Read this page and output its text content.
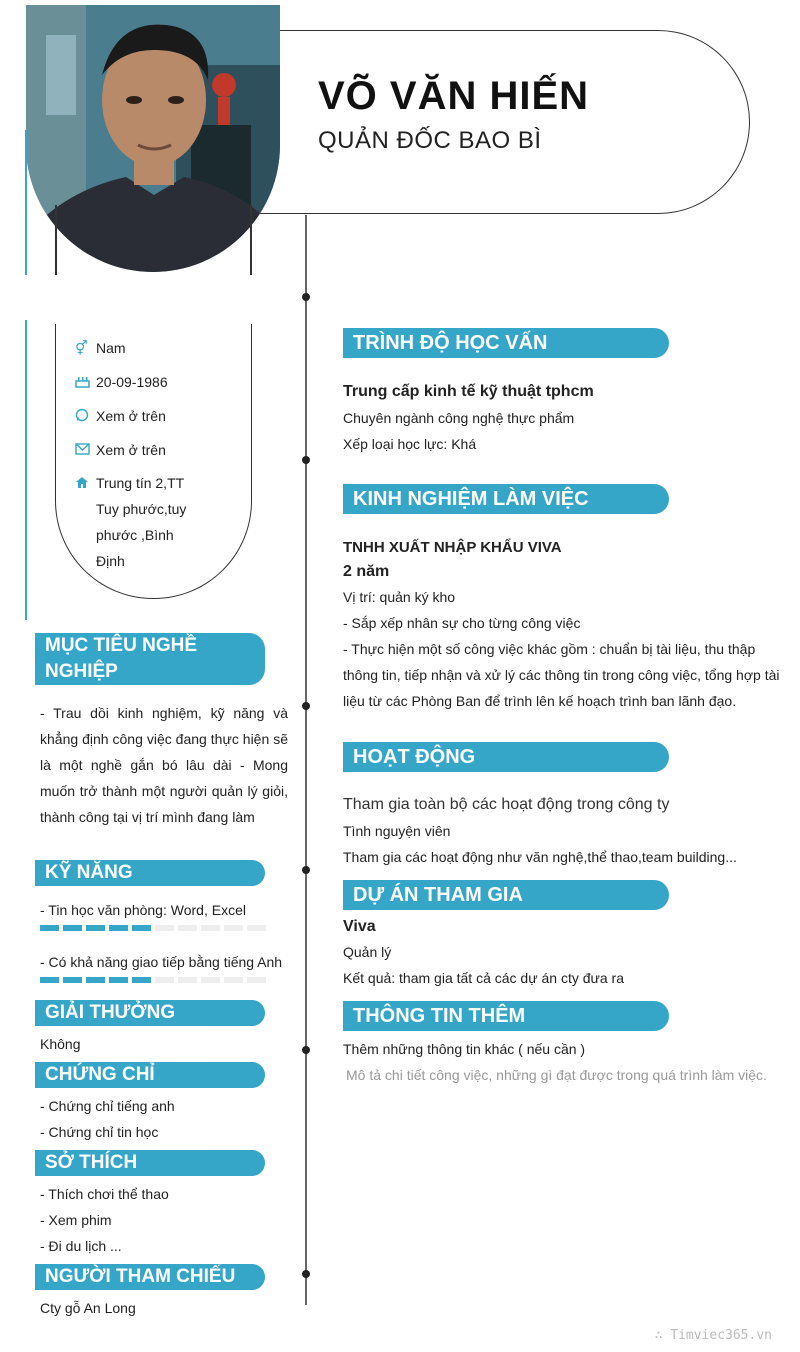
VÕ VĂN HIẾN
QUẢN ĐỐC BAO BÌ
⚥ Nam
20-09-1986
Xem ở trên
Xem ở trên
Trung tín 2,TT Tuy phước,tuy phước ,Bình Định
MỤC TIÊU NGHỀ NGHIỆP
- Trau dồi kinh nghiệm, kỹ năng và khẳng định công việc đang thực hiện sẽ là một nghề gắn bó lâu dài - Mong muốn trở thành một người quản lý giỏi, thành công tại vị trí mình đang làm
KỸ NĂNG
- Tin học văn phòng: Word, Excel
- Có khả năng giao tiếp bằng tiếng Anh
GIẢI THƯỞNG
Không
CHỨNG CHỈ
- Chứng chỉ tiếng anh
- Chứng chỉ tin học
SỞ THÍCH
- Thích chơi thể thao
- Xem phim
- Đi du lịch ...
NGƯỜI THAM CHIẾU
Cty gỗ An Long
TRÌNH ĐỘ HỌC VẤN
Trung cấp kinh tế kỹ thuật tphcm
Chuyên ngành công nghệ thực phẩm
Xếp loại học lực: Khá
KINH NGHIỆM LÀM VIỆC
TNHH XUẤT NHẬP KHẨU VIVA
2 năm
Vị trí: quản ký kho
- Sắp xếp nhân sự cho từng công việc
- Thực hiện một số công việc khác gồm : chuẩn bị tài liệu, thu thập
thông tin, tiếp nhận và xử lý các thông tin trong công việc, tổng hợp tài
liệu từ các Phòng Ban để trình lên kế hoạch trình ban lãnh đạo.
HOẠT ĐỘNG
Tham gia toàn bộ các hoạt động trong công ty
Tình nguyện viên
Tham gia các hoạt động như văn nghệ,thể thao,team building...
DỰ ÁN THAM GIA
Viva
Quản lý
Kết quả: tham gia tất cả các dự án cty đưa ra
THÔNG TIN THÊM
Thêm những thông tin khác ( nếu cần )
Mô tả chi tiết công việc, những gì đạt được trong quá trình làm việc.
∴ Timviec365.vn
